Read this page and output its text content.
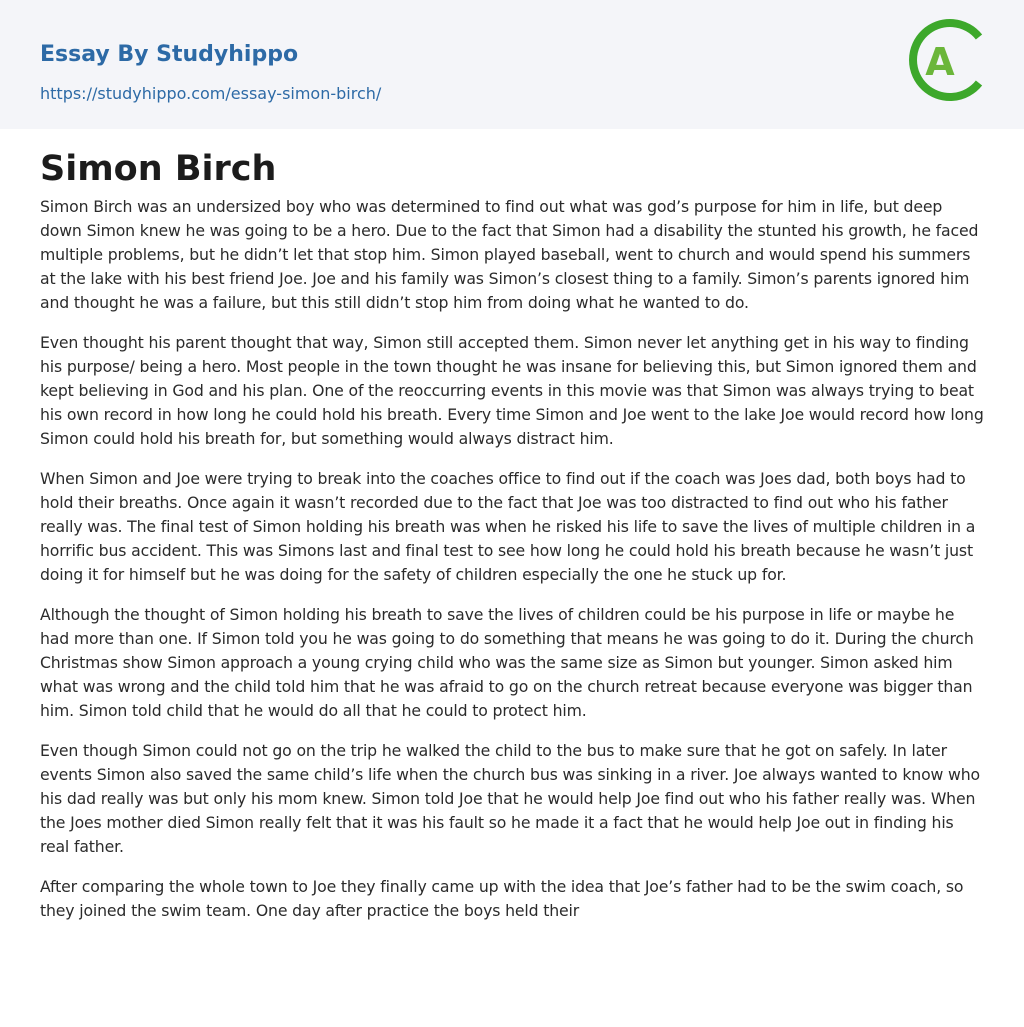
Essay By Studyhippo
https://studyhippo.com/essay-simon-birch/
A
Simon Birch

Simon Birch was an undersized boy who was determined to find out what was god’s purpose for him in life, but deep down Simon knew he was going to be a hero. Due to the fact that Simon had a disability the stunted his growth, he faced multiple problems, but he didn’t let that stop him. Simon played baseball, went to church and would spend his summers at the lake with his best friend Joe. Joe and his family was Simon’s closest thing to a family. Simon’s parents ignored him and thought he was a failure, but this still didn’t stop him from doing what he wanted to do.

Even thought his parent thought that way, Simon still accepted them. Simon never let anything get in his way to finding his purpose/ being a hero. Most people in the town thought he was insane for believing this, but Simon ignored them and kept believing in God and his plan. One of the reoccurring events in this movie was that Simon was always trying to beat his own record in how long he could hold his breath. Every time Simon and Joe went to the lake Joe would record how long Simon could hold his breath for, but something would always distract him.

When Simon and Joe were trying to break into the coaches office to find out if the coach was Joes dad, both boys had to hold their breaths. Once again it wasn’t recorded due to the fact that Joe was too distracted to find out who his father really was. The final test of Simon holding his breath was when he risked his life to save the lives of multiple children in a horrific bus accident. This was Simons last and final test to see how long he could hold his breath because he wasn’t just doing it for himself but he was doing for the safety of children especially the one he stuck up for.

Although the thought of Simon holding his breath to save the lives of children could be his purpose in life or maybe he had more than one. If Simon told you he was going to do something that means he was going to do it. During the church Christmas show Simon approach a young crying child who was the same size as Simon but younger. Simon asked him what was wrong and the child told him that he was afraid to go on the church retreat because everyone was bigger than him. Simon told child that he would do all that he could to protect him.

Even though Simon could not go on the trip he walked the child to the bus to make sure that he got on safely. In later events Simon also saved the same child’s life when the church bus was sinking in a river. Joe always wanted to know who his dad really was but only his mom knew. Simon told Joe that he would help Joe find out who his father really was. When the Joes mother died Simon really felt that it was his fault so he made it a fact that he would help Joe out in finding his real father.

After comparing the whole town to Joe they finally came up with the idea that Joe’s father had to be the swim coach, so they joined the swim team. One day after practice the boys held their
